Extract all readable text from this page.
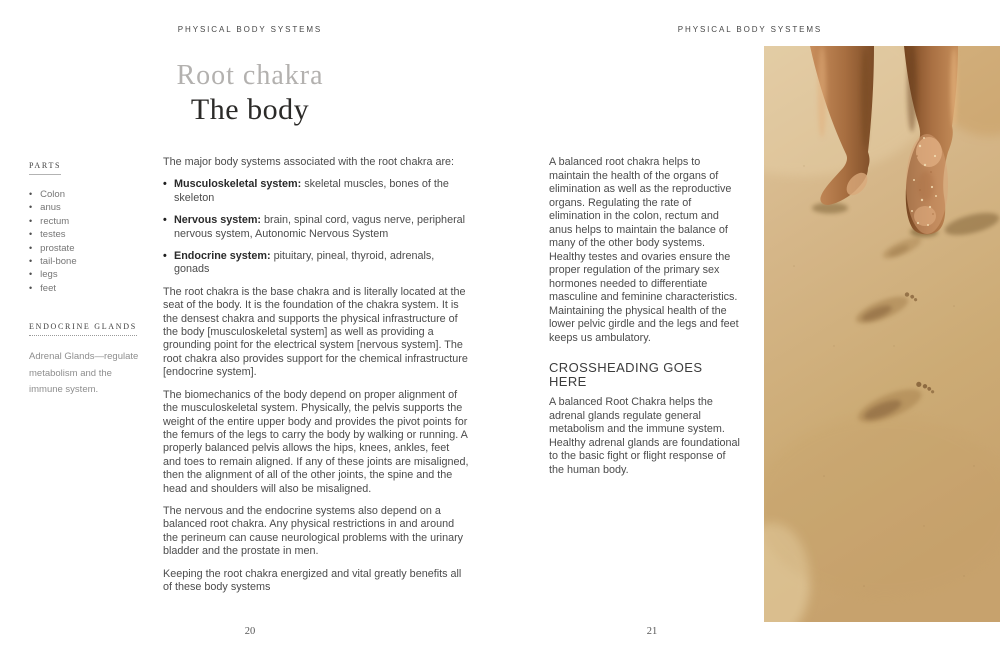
PHYSICAL BODY SYSTEMS
Root chakra
The body
PARTS
• Colon
• anus
• rectum
• testes
• prostate
• tail-bone
• legs
• feet
ENDOCRINE GLANDS

Adrenal Glands—regulate metabolism and the immune system.

The major body systems associated with the root chakra are:

• Musculoskeletal system: skeletal muscles, bones of the skeleton
• Nervous system: brain, spinal cord, vagus nerve, peripheral nervous system, Autonomic Nervous System
• Endocrine system: pituitary, pineal, thyroid, adrenals, gonads

The root chakra is the base chakra and is literally located at the seat of the body. It is the foundation of the chakra system. It is the densest chakra and supports the physical infrastructure of the body [musculoskeletal system] as well as providing a grounding point for the electrical system [nervous system]. The root chakra also provides support for the chemical infrastructure [endocrine system].

The biomechanics of the body depend on proper alignment of the musculoskeletal system. Physically, the pelvis supports the weight of the entire upper body and provides the pivot points for the femurs of the legs to carry the body by walking or running. A properly balanced pelvis allows the hips, knees, ankles, feet and toes to remain aligned. If any of these joints are misaligned, then the alignment of all of the other joints, the spine and the head and shoulders will also be misaligned.

The nervous and the endocrine systems also depend on a balanced root chakra. Any physical restrictions in and around the perineum can cause neurological problems with the urinary bladder and the prostate in men.

Keeping the root chakra energized and vital greatly benefits all of these body systems

20
PHYSICAL BODY SYSTEMS

A balanced root chakra helps to maintain the health of the organs of elimination as well as the reproductive organs. Regulating the rate of elimination in the colon, rectum and anus helps to maintain the balance of many of the other body systems. Healthy testes and ovaries ensure the proper regulation of the primary sex hormones needed to differentiate masculine and feminine characteristics. Maintaining the physical health of the lower pelvic girdle and the legs and feet keeps us ambulatory.

CROSSHEADING GOES HERE

A balanced Root Chakra helps the adrenal glands regulate general metabolism and the immune system. Healthy adrenal glands are foundational to the basic fight or flight response of the human body.

21
